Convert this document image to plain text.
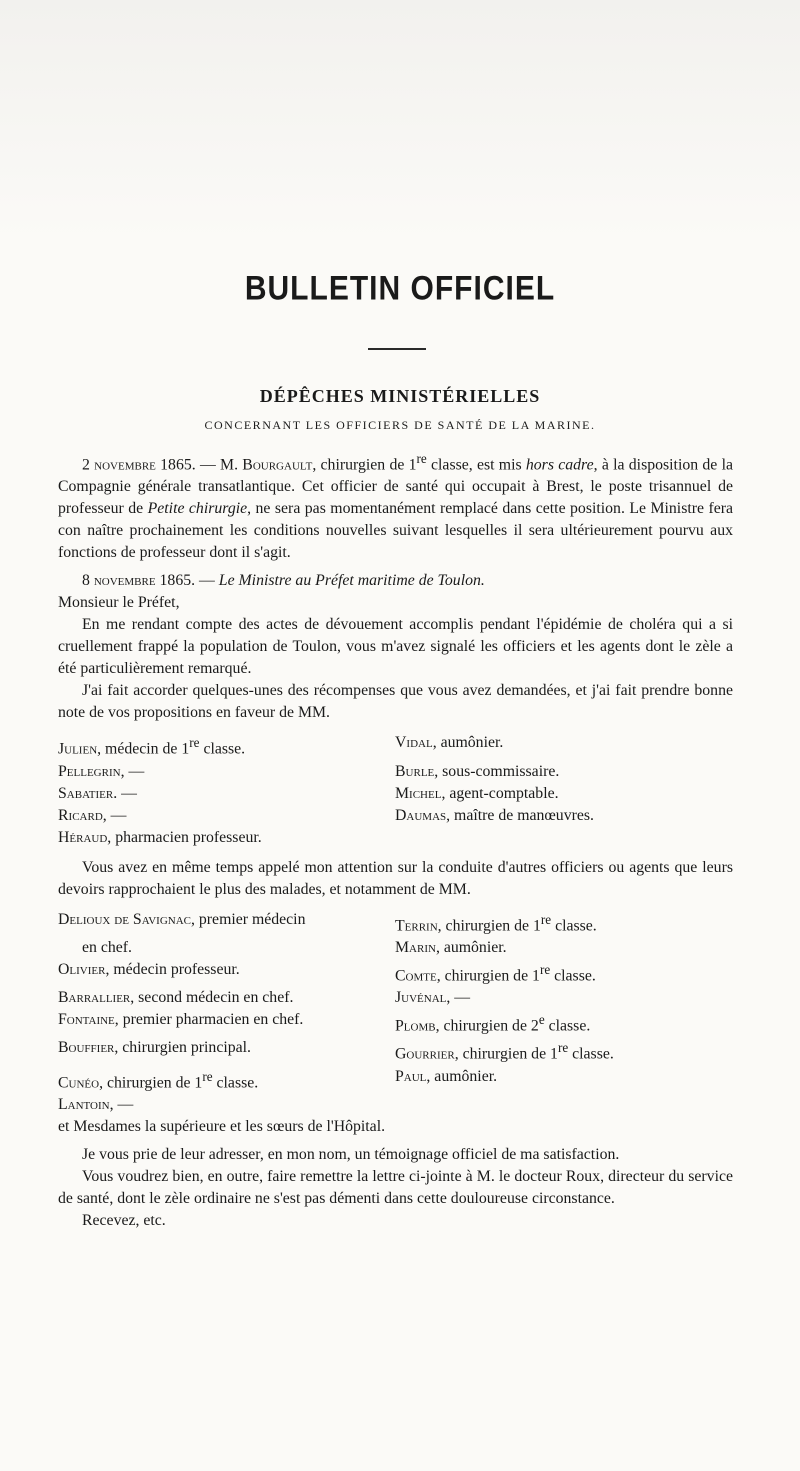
BULLETIN OFFICIEL
DÉPÊCHES MINISTÉRIELLES
CONCERNANT LES OFFICIERS DE SANTÉ DE LA MARINE.

2 novembre 1865. — M. Bourgault, chirurgien de 1re classe, est mis hors cadre, à la disposition de la Compagnie générale transatlantique. Cet officier de santé qui occupait à Brest, le poste trisannuel de professeur de Petite chirurgie, ne sera pas momentanément remplacé dans cette position. Le Ministre fera con naître prochainement les conditions nouvelles suivant lesquelles il sera ultérieurement pourvu aux fonctions de professeur dont il s'agit.

8 novembre 1865. — Le Ministre au Préfet maritime de Toulon.

Monsieur le Préfet,

En me rendant compte des actes de dévouement accomplis pendant l'épidémie de choléra qui a si cruellement frappé la population de Toulon, vous m'avez signalé les officiers et les agents dont le zèle a été particulièrement remarqué.

J'ai fait accorder quelques-unes des récompenses que vous avez demandées, et j'ai fait prendre bonne note de vos propositions en faveur de MM.

Julien, médecin de 1re classe.	Vidal, aumônier.
Pellegrin, —	Burle, sous-commissaire.
Sabatier. —	Michel, agent-comptable.
Ricard, —	Daumas, maître de manœuvres.
Héraud, pharmacien professeur.

Vous avez en même temps appelé mon attention sur la conduite d'autres officiers ou agents que leurs devoirs rapprochaient le plus des malades, et notamment de MM.

Delioux de Savignac, premier médecin	Terrin, chirurgien de 1re classe.
en chef.	Marin, aumônier.
Olivier, médecin professeur.	Comte, chirurgien de 1re classe.
Barrallier, second médecin en chef.	Juvénal, —
Fontaine, premier pharmacien en chef.	Plomb, chirurgien de 2e classe.
Bouffier, chirurgien principal.	Gourrier, chirurgien de 1re classe.
Cunéo, chirurgien de 1re classe.	Paul, aumônier.
Lantoin, —

et Mesdames la supérieure et les sœurs de l'Hôpital.

Je vous prie de leur adresser, en mon nom, un témoignage officiel de ma satisfaction.

Vous voudrez bien, en outre, faire remettre la lettre ci-jointe à M. le docteur Roux, directeur du service de santé, dont le zèle ordinaire ne s'est pas démenti dans cette douloureuse circonstance.

Recevez, etc.
